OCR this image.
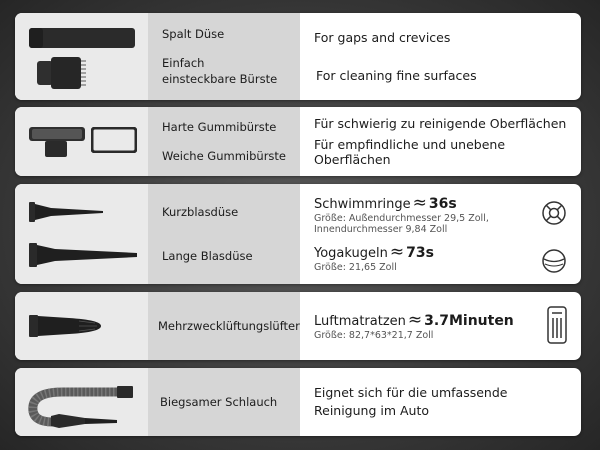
Spalt Düse
Einfach einsteckbare Bürste
For gaps and crevices
For cleaning fine surfaces
Harte Gummibürste
Weiche Gummibürste
Für schwierig zu reinigende Oberflächen
Für empfindliche und unebene Oberflächen
Kurzblasdüse
Lange Blasdüse
Schwimmringe ≈ 36s
Größe: Außendurchmesser 29,5 Zoll, Innendurchmesser 9,84 Zoll
Yogakugeln ≈ 73s
Größe: 21,65 Zoll
Mehrzwecklüftungslüfter Luftmatratzen ≈ 3.7Minuten
Größe: 82,7*63*21,7 Zoll
Biegsamer Schlauch
Eignet sich für die umfassende Reinigung im Auto
